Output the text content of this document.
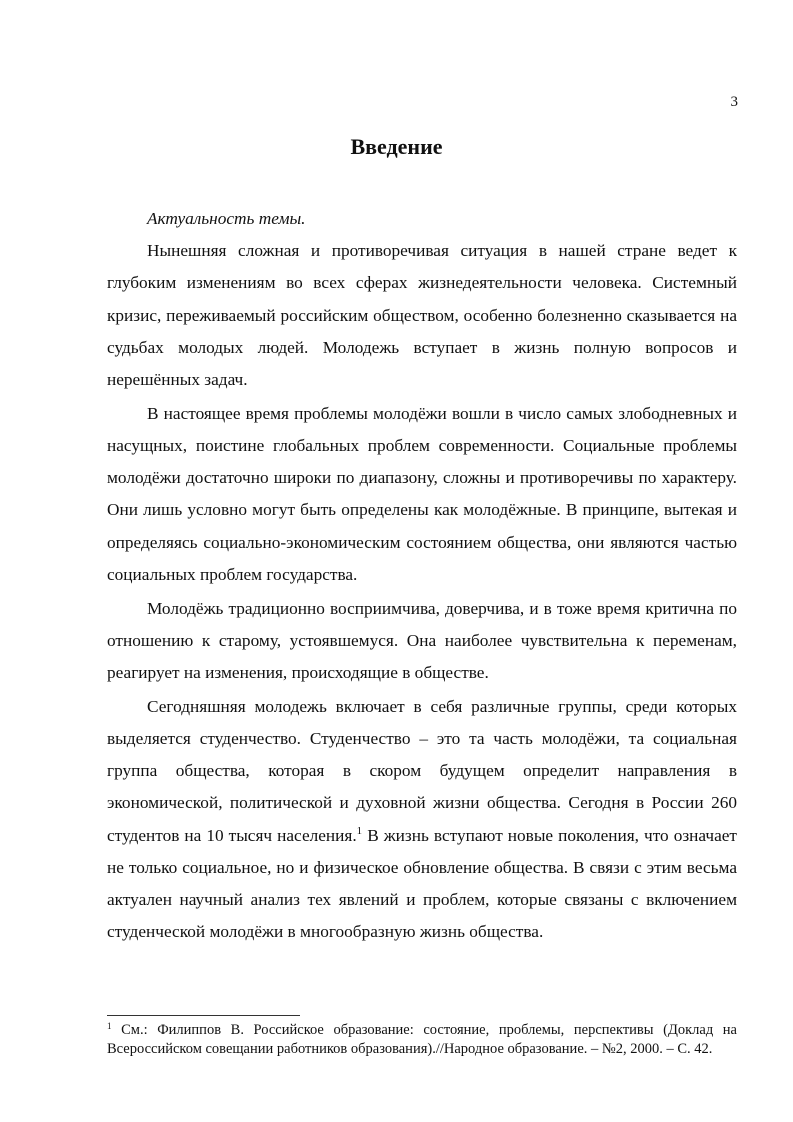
3
Введение

Актуальность темы.

Нынешняя сложная и противоречивая ситуация в нашей стране ведет к глубоким изменениям во всех сферах жизнедеятельности человека. Системный кризис, переживаемый российским обществом, особенно болезненно сказывается на судьбах молодых людей. Молодежь вступает в жизнь полную вопросов и нерешённых задач.

В настоящее время проблемы молодёжи вошли в число самых злободневных и насущных, поистине глобальных проблем современности. Социальные проблемы молодёжи достаточно широки по диапазону, сложны и противоречивы по характеру. Они лишь условно могут быть определены как молодёжные. В принципе, вытекая и определяясь социально-экономическим состоянием общества, они являются частью социальных проблем государства.

Молодёжь традиционно восприимчива, доверчива, и в тоже время критична по отношению к старому, устоявшемуся. Она наиболее чувствительна к переменам, реагирует на изменения, происходящие в обществе.

Сегодняшняя молодежь включает в себя различные группы, среди которых выделяется студенчество. Студенчество – это та часть молодёжи, та социальная группа общества, которая в скором будущем определит направления в экономической, политической и духовной жизни общества. Сегодня в России 260 студентов на 10 тысяч населения.$^1$ В жизнь вступают новые поколения, что означает не только социальное, но и физическое обновление общества. В связи с этим весьма актуален научный анализ тех явлений и проблем, которые связаны с включением студенческой молодёжи в многообразную жизнь общества.

$^1$ См.: Филиппов В. Российское образование: состояние, проблемы, перспективы (Доклад на Всероссийском совещании работников образования).//Народное образование. – №2, 2000. – С. 42.
